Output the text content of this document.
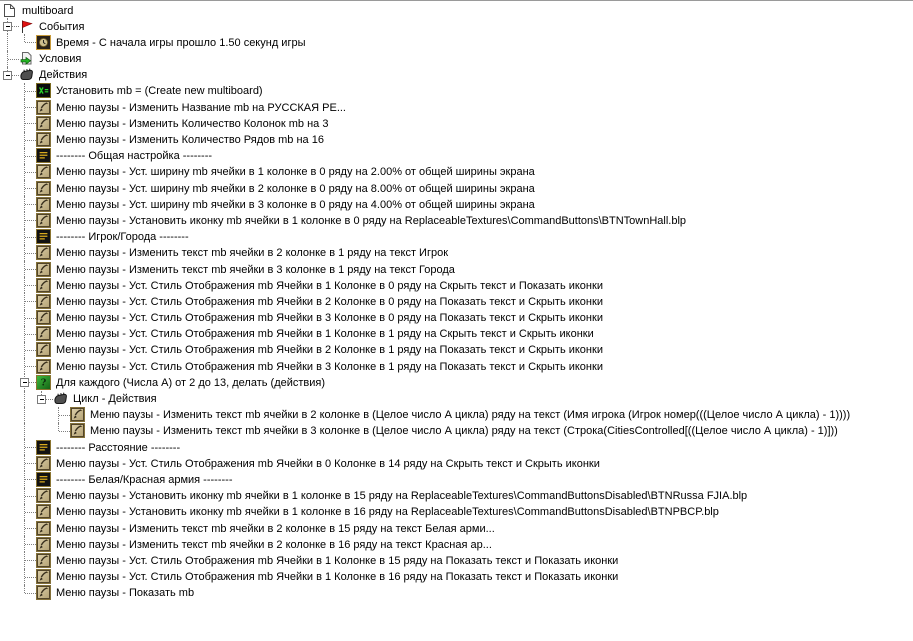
multiboard
События
Время - С начала игры прошло 1.50 секунд игры
Условия
Действия
Установить mb = (Create new multiboard)
Меню паузы - Изменить Название mb на РУССКАЯ РЕ...
Меню паузы - Изменить Количество Колонок mb на 3
Меню паузы - Изменить Количество Рядов mb на 16
-------- Общая настройка --------
Меню паузы - Уст. ширину mb ячейки в 1 колонке в 0 ряду на 2.00% от общей ширины экрана
Меню паузы - Уст. ширину mb ячейки в 2 колонке в 0 ряду на 8.00% от общей ширины экрана
Меню паузы - Уст. ширину mb ячейки в 3 колонке в 0 ряду на 4.00% от общей ширины экрана
Меню паузы - Установить иконку mb ячейки в 1 колонке в 0 ряду на ReplaceableTextures\CommandButtons\BTNTownHall.blp
-------- Игрок/Города --------
Меню паузы - Изменить текст mb ячейки в 2 колонке в 1 ряду на текст Игрок
Меню паузы - Изменить текст mb ячейки в 3 колонке в 1 ряду на текст Города
Меню паузы - Уст. Стиль Отображения mb Ячейки в 1 Колонке в 0 ряду на Скрыть текст и Показать иконки
Меню паузы - Уст. Стиль Отображения mb Ячейки в 2 Колонке в 0 ряду на Показать текст и Скрыть иконки
Меню паузы - Уст. Стиль Отображения mb Ячейки в 3 Колонке в 0 ряду на Показать текст и Скрыть иконки
Меню паузы - Уст. Стиль Отображения mb Ячейки в 1 Колонке в 1 ряду на Скрыть текст и Скрыть иконки
Меню паузы - Уст. Стиль Отображения mb Ячейки в 2 Колонке в 1 ряду на Показать текст и Скрыть иконки
Меню паузы - Уст. Стиль Отображения mb Ячейки в 3 Колонке в 1 ряду на Показать текст и Скрыть иконки
? Для каждого (Числа А) от 2 до 13, делать (действия)
Цикл - Действия
Меню паузы - Изменить текст mb ячейки в 2 колонке в (Целое число А цикла) ряду на текст (Имя игрока (Игрок номер(((Целое число А цикла) - 1))))
Меню паузы - Изменить текст mb ячейки в 3 колонке в (Целое число А цикла) ряду на текст (Строка(CitiesControlled[((Целое число А цикла) - 1)]))
-------- Расстояние --------
Меню паузы - Уст. Стиль Отображения mb Ячейки в 0 Колонке в 14 ряду на Скрыть текст и Скрыть иконки
-------- Белая/Красная армия --------
Меню паузы - Установить иконку mb ячейки в 1 колонке в 15 ряду на ReplaceableTextures\CommandButtonsDisabled\BTNRussa FJIA.blp
Меню паузы - Установить иконку mb ячейки в 1 колонке в 16 ряду на ReplaceableTextures\CommandButtonsDisabled\BTNPBCP.blp
Меню паузы - Изменить текст mb ячейки в 2 колонке в 15 ряду на текст Белая арми...
Меню паузы - Изменить текст mb ячейки в 2 колонке в 16 ряду на текст Красная ар...
Меню паузы - Уст. Стиль Отображения mb Ячейки в 1 Колонке в 15 ряду на Показать текст и Показать иконки
Меню паузы - Уст. Стиль Отображения mb Ячейки в 1 Колонке в 16 ряду на Показать текст и Показать иконки
Меню паузы - Показать mb
